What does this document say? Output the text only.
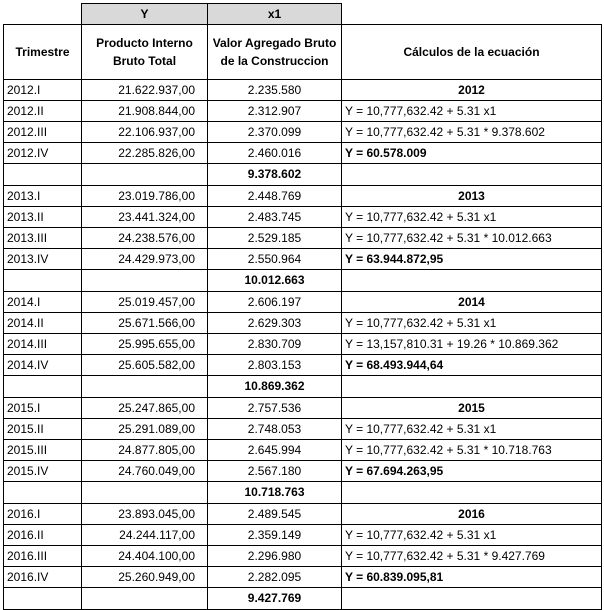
	Y	x1	
Trimestre	Producto Interno Bruto Total	Valor Agregado Bruto de la Construccion	Cálculos de la ecuación
2012.I	21.622.937,00	2.235.580	2012
2012.II	21.908.844,00	2.312.907	Y = 10,777,632.42 + 5.31 x1
2012.III	22.106.937,00	2.370.099	Y = 10,777,632.42 + 5.31 * 9.378.602
2012.IV	22.285.826,00	2.460.016	Y = 60.578.009
		9.378.602	
2013.I	23.019.786,00	2.448.769	2013
2013.II	23.441.324,00	2.483.745	Y = 10,777,632.42 + 5.31 x1
2013.III	24.238.576,00	2.529.185	Y = 10,777,632.42 + 5.31 * 10.012.663
2013.IV	24.429.973,00	2.550.964	Y = 63.944.872,95
		10.012.663	
2014.I	25.019.457,00	2.606.197	2014
2014.II	25.671.566,00	2.629.303	Y = 10,777,632.42 + 5.31 x1
2014.III	25.995.655,00	2.830.709	Y = 13,157,810.31 + 19.26 * 10.869.362
2014.IV	25.605.582,00	2.803.153	Y = 68.493.944,64
		10.869.362	
2015.I	25.247.865,00	2.757.536	2015
2015.II	25.291.089,00	2.748.053	Y = 10,777,632.42 + 5.31 x1
2015.III	24.877.805,00	2.645.994	Y = 10,777,632.42 + 5.31 * 10.718.763
2015.IV	24.760.049,00	2.567.180	Y = 67.694.263,95
		10.718.763	
2016.I	23.893.045,00	2.489.545	2016
2016.II	24.244.117,00	2.359.149	Y = 10,777,632.42 + 5.31 x1
2016.III	24.404.100,00	2.296.980	Y = 10,777,632.42 + 5.31 * 9.427.769
2016.IV	25.260.949,00	2.282.095	Y = 60.839.095,81
		9.427.769	
